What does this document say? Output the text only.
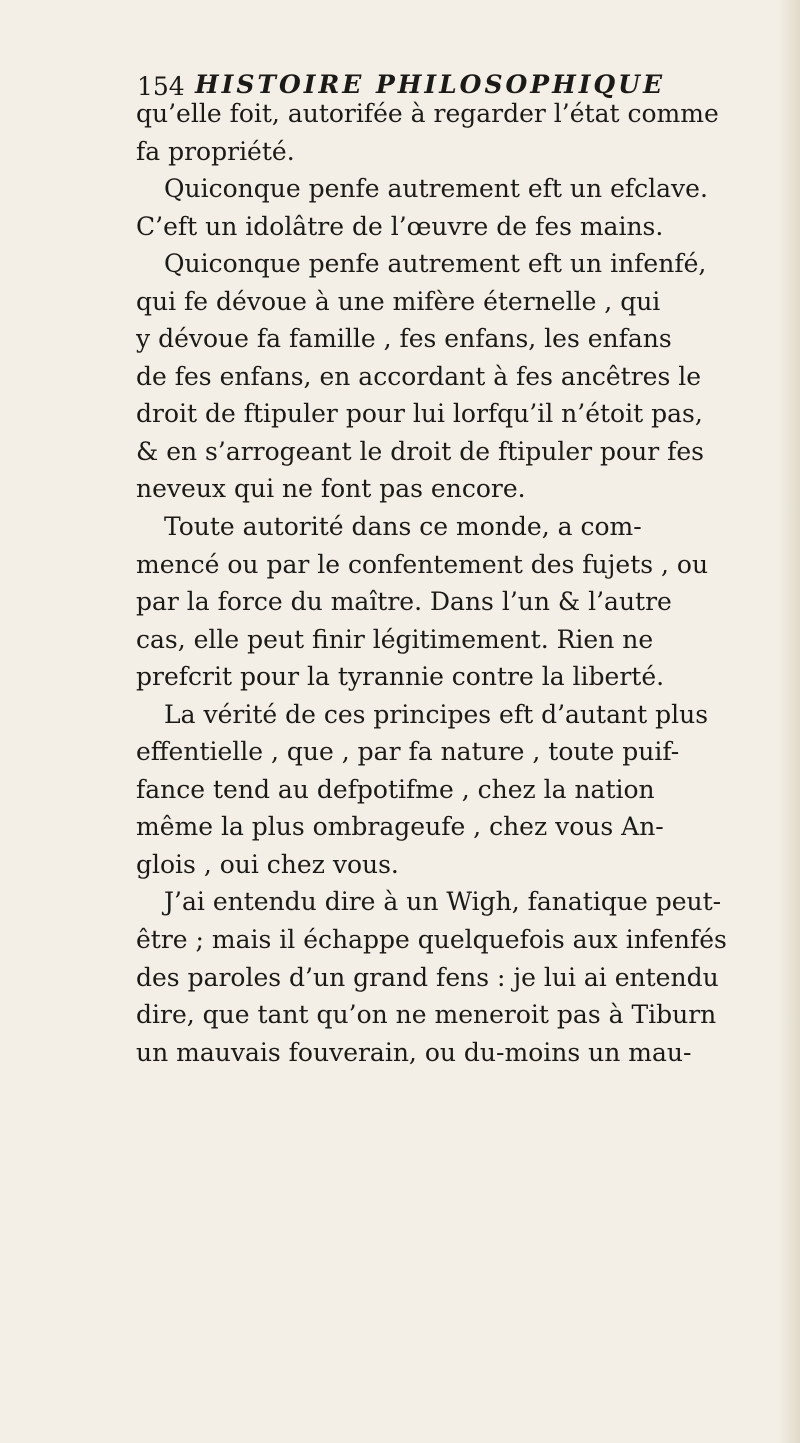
154 HISTOIRE PHILOSOPHIQUE
qu’elle foit, autorifée à regarder l’état comme
fa propriété.
Quiconque penfe autrement eft un efclave.
C’eft un idolâtre de l’œuvre de fes mains.
Quiconque penfe autrement eft un infenfé,
qui fe dévoue à une mifère éternelle , qui
y dévoue fa famille , fes enfans, les enfans
de fes enfans, en accordant à fes ancêtres le
droit de ftipuler pour lui lorfqu’il n’étoit pas,
& en s’arrogeant le droit de ftipuler pour fes
neveux qui ne font pas encore.
Toute autorité dans ce monde, a com-
mencé ou par le confentement des fujets , ou
par la force du maître. Dans l’un & l’autre
cas, elle peut finir légitimement. Rien ne
prefcrit pour la tyrannie contre la liberté.
La vérité de ces principes eft d’autant plus
effentielle , que , par fa nature , toute puif-
fance tend au defpotifme , chez la nation
même la plus ombrageufe , chez vous An-
glois , oui chez vous.
J’ai entendu dire à un Wigh, fanatique peut-
être ; mais il échappe quelquefois aux infenfés
des paroles d’un grand fens : je lui ai entendu
dire, que tant qu’on ne meneroit pas à Tiburn
un mauvais fouverain, ou du-moins un mau-
